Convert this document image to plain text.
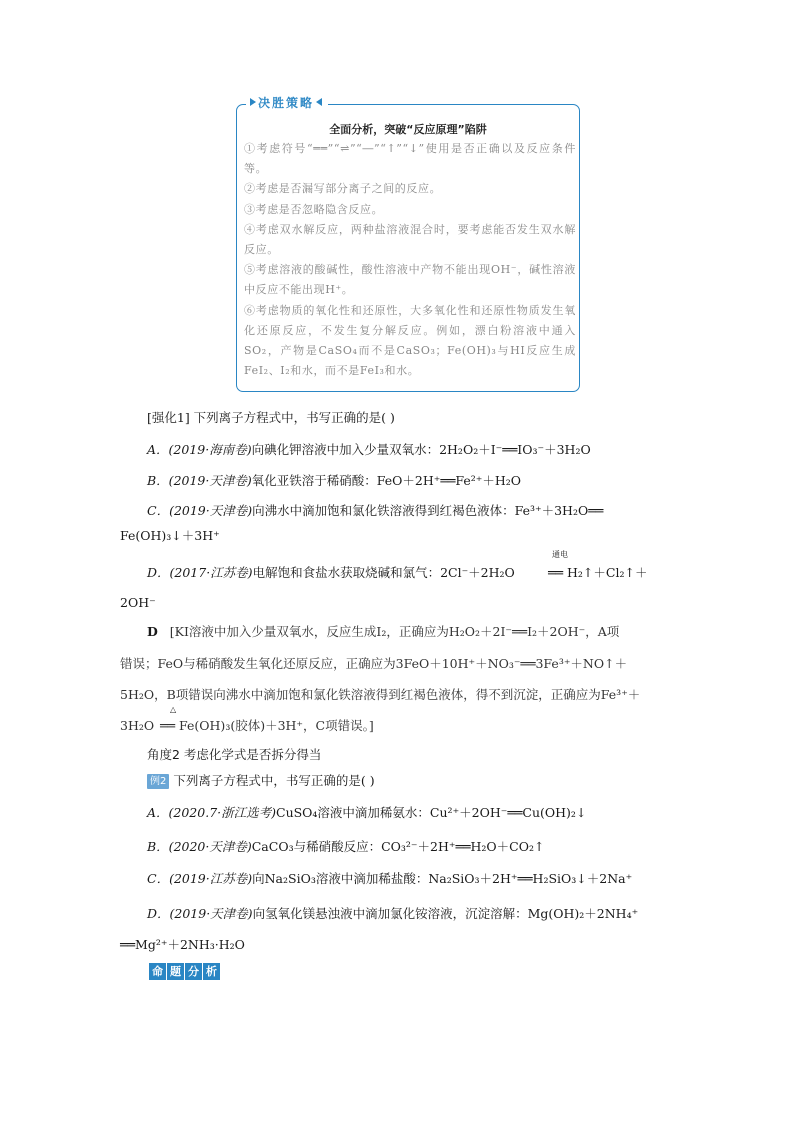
决胜策略
全面分析，突破“反应原理”陷阱

①考虑符号“══”“⇌”“―”“↑”“↓”使用是否正确以及反应条件等。

②考虑是否漏写部分离子之间的反应。

③考虑是否忽略隐含反应。

④考虑双水解反应，两种盐溶液混合时，要考虑能否发生双水解反应。

⑤考虑溶液的酸碱性，酸性溶液中产物不能出现OH⁻，碱性溶液中反应不能出现H⁺。

⑥考虑物质的氧化性和还原性，大多氧化性和还原性物质发生氧化还原反应，不发生复分解反应。例如，漂白粉溶液中通入SO₂，产物是CaSO₄而不是CaSO₃；Fe(OH)₃与HI反应生成FeI₂、I₂和水，而不是FeI₃和水。

[强化1] 下列离子方程式中，书写正确的是( )
A．(2019·海南卷)向碘化钾溶液中加入少量双氧水：2H₂O₂＋I⁻══IO₃⁻＋3H₂O
B．(2019·天津卷)氧化亚铁溶于稀硝酸：FeO＋2H⁺══Fe²⁺＋H₂O
C．(2019·天津卷)向沸水中滴加饱和氯化铁溶液得到红褐色液体：Fe³⁺＋3H₂O══
Fe(OH)₃↓＋3H⁺
D．(2017·江苏卷)电解饱和食盐水获取烧碱和氯气：2Cl⁻＋2H₂O
通电
══ H₂↑＋Cl₂↑＋
2OH⁻
D [KI溶液中加入少量双氧水，反应生成I₂，正确应为H₂O₂＋2I⁻══I₂＋2OH⁻，A项
错误；FeO与稀硝酸发生氧化还原反应，正确应为3FeO＋10H⁺＋NO₃⁻══3Fe³⁺＋NO↑＋
5H₂O，B项错误向沸水中滴加饱和氯化铁溶液得到红褐色液体，得不到沉淀，正确应为Fe³⁺＋
3H₂O
△
══ Fe(OH)₃(胶体)＋3H⁺，C项错误。]
角度2 考虑化学式是否拆分得当
例2 下列离子方程式中，书写正确的是( )
A．(2020.7·浙江选考)CuSO₄溶液中滴加稀氨水：Cu²⁺＋2OH⁻══Cu(OH)₂↓
B．(2020·天津卷)CaCO₃与稀硝酸反应：CO₃²⁻＋2H⁺══H₂O＋CO₂↑
C．(2019·江苏卷)向Na₂SiO₃溶液中滴加稀盐酸：Na₂SiO₃＋2H⁺══H₂SiO₃↓＋2Na⁺
D．(2019·天津卷)向氢氧化镁悬浊液中滴加氯化铵溶液，沉淀溶解：Mg(OH)₂＋2NH₄⁺
══Mg²⁺＋2NH₃·H₂O
命 题 分 析
